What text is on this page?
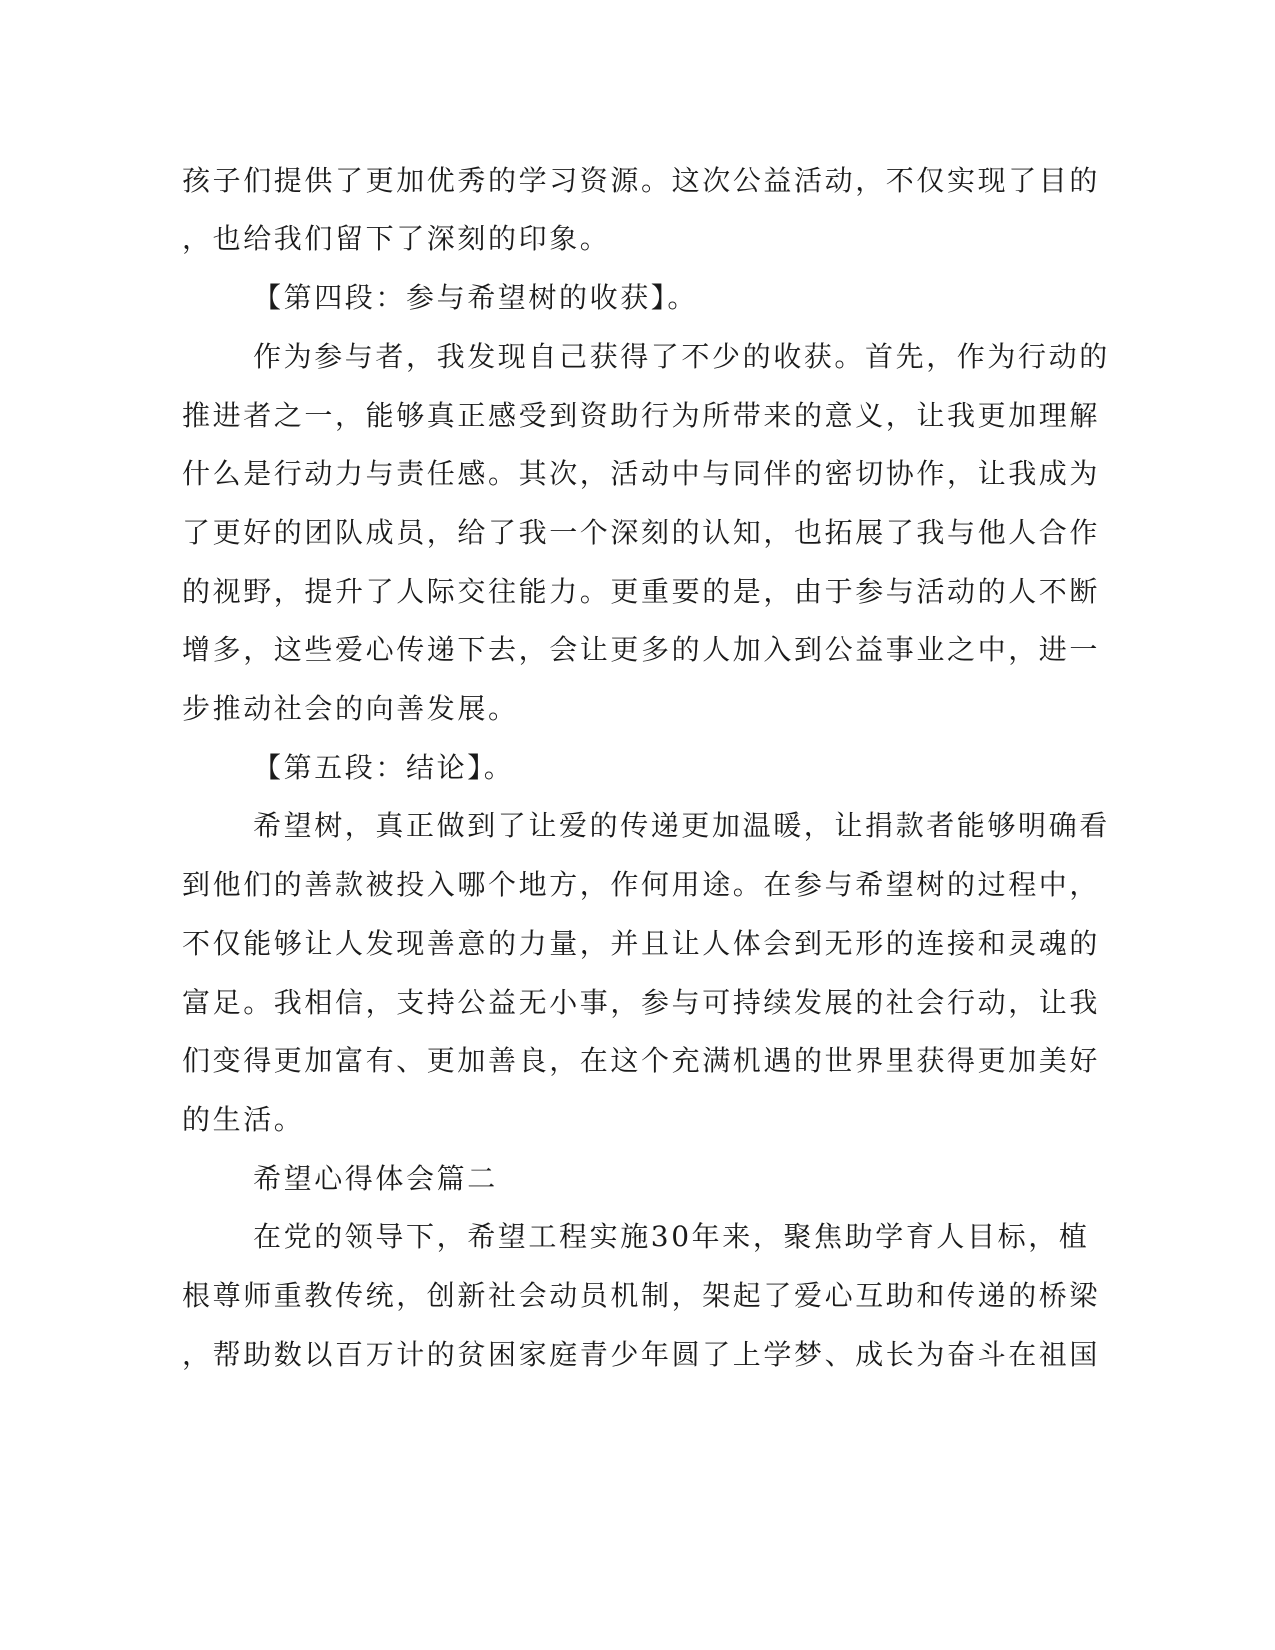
孩子们提供了更加优秀的学习资源。这次公益活动，不仅实现了目的
，也给我们留下了深刻的印象。
【第四段：参与希望树的收获】。
作为参与者，我发现自己获得了不少的收获。首先，作为行动的
推进者之一，能够真正感受到资助行为所带来的意义，让我更加理解
什么是行动力与责任感。其次，活动中与同伴的密切协作，让我成为
了更好的团队成员，给了我一个深刻的认知，也拓展了我与他人合作
的视野，提升了人际交往能力。更重要的是，由于参与活动的人不断
增多，这些爱心传递下去，会让更多的人加入到公益事业之中，进一
步推动社会的向善发展。
【第五段：结论】。
希望树，真正做到了让爱的传递更加温暖，让捐款者能够明确看
到他们的善款被投入哪个地方，作何用途。在参与希望树的过程中，
不仅能够让人发现善意的力量，并且让人体会到无形的连接和灵魂的
富足。我相信，支持公益无小事，参与可持续发展的社会行动，让我
们变得更加富有、更加善良，在这个充满机遇的世界里获得更加美好
的生活。
希望心得体会篇二
在党的领导下，希望工程实施30年来，聚焦助学育人目标，植
根尊师重教传统，创新社会动员机制，架起了爱心互助和传递的桥梁
，帮助数以百万计的贫困家庭青少年圆了上学梦、成长为奋斗在祖国
